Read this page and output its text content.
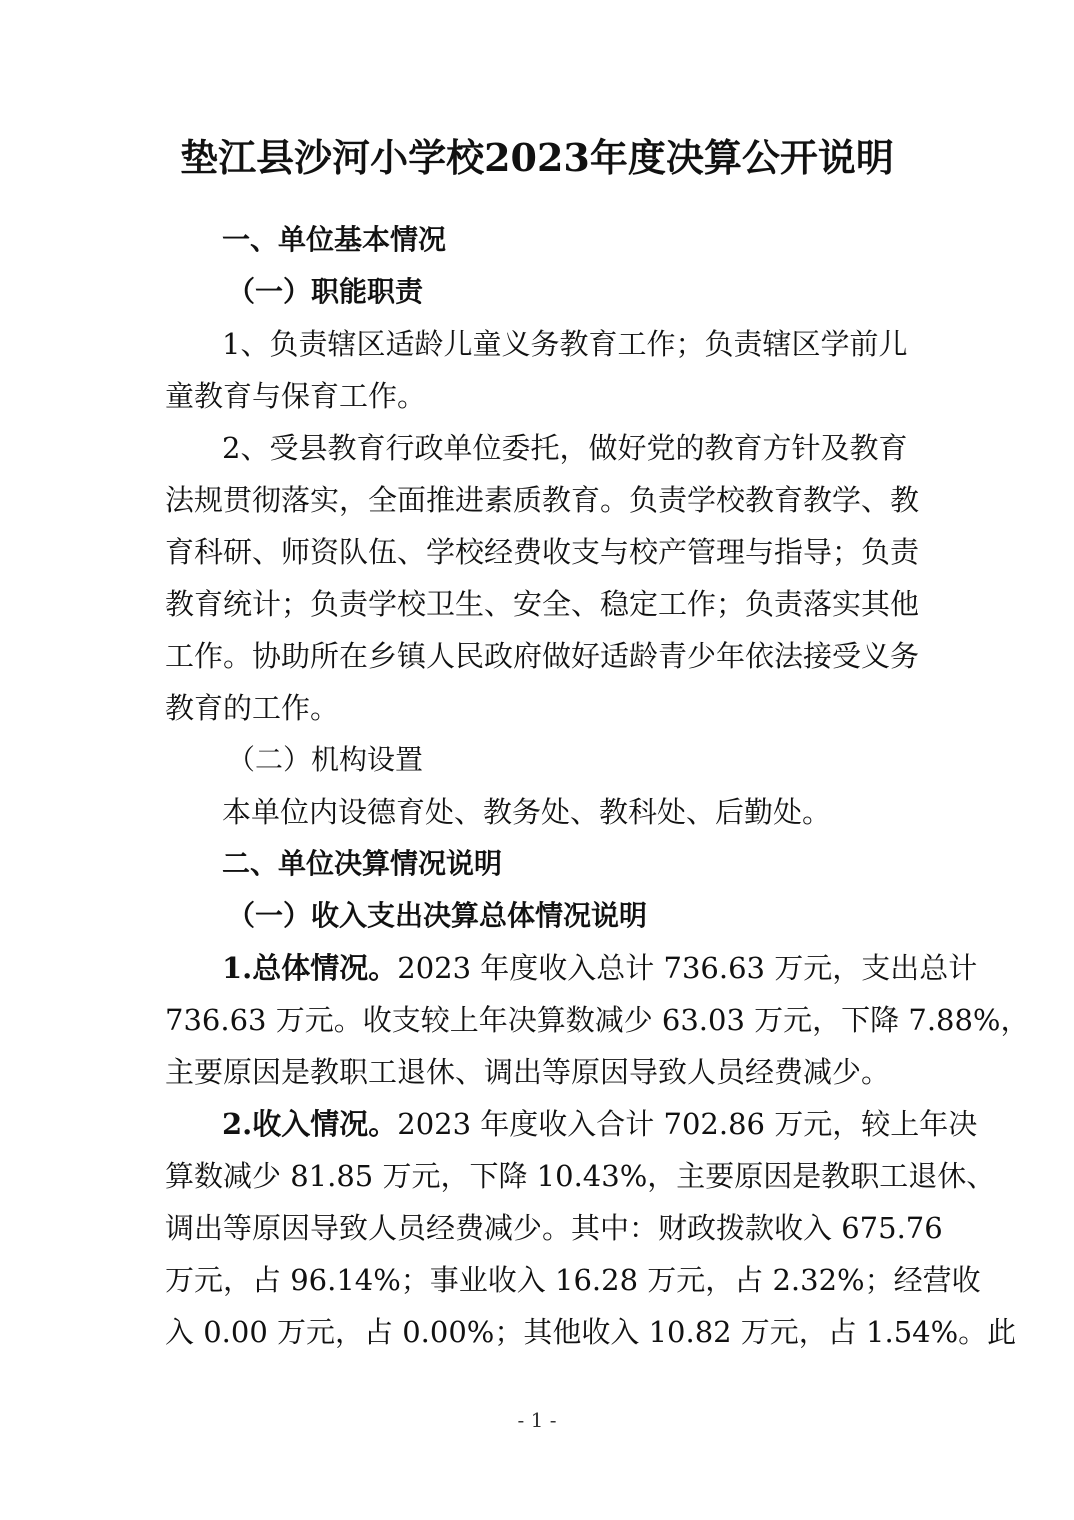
垫江县沙河小学校2023年度决算公开说明
一、单位基本情况
（一）职能职责
1、负责辖区适龄儿童义务教育工作；负责辖区学前儿
童教育与保育工作。
2、受县教育行政单位委托，做好党的教育方针及教育
法规贯彻落实，全面推进素质教育。负责学校教育教学、教
育科研、师资队伍、学校经费收支与校产管理与指导；负责
教育统计；负责学校卫生、安全、稳定工作；负责落实其他
工作。协助所在乡镇人民政府做好适龄青少年依法接受义务
教育的工作。
（二）机构设置
本单位内设德育处、教务处、教科处、后勤处。
二、单位决算情况说明
（一）收入支出决算总体情况说明
1.总体情况。2023 年度收入总计 736.63 万元，支出总计
736.63 万元。收支较上年决算数减少 63.03 万元，下降 7.88%，
主要原因是教职工退休、调出等原因导致人员经费减少。
2.收入情况。2023 年度收入合计 702.86 万元，较上年决
算数减少 81.85 万元，下降 10.43%，主要原因是教职工退休、
调出等原因导致人员经费减少。其中：财政拨款收入 675.76
万元，占 96.14%；事业收入 16.28 万元，占 2.32%；经营收
入 0.00 万元，占 0.00%；其他收入 10.82 万元，占 1.54%。此
- 1 -
